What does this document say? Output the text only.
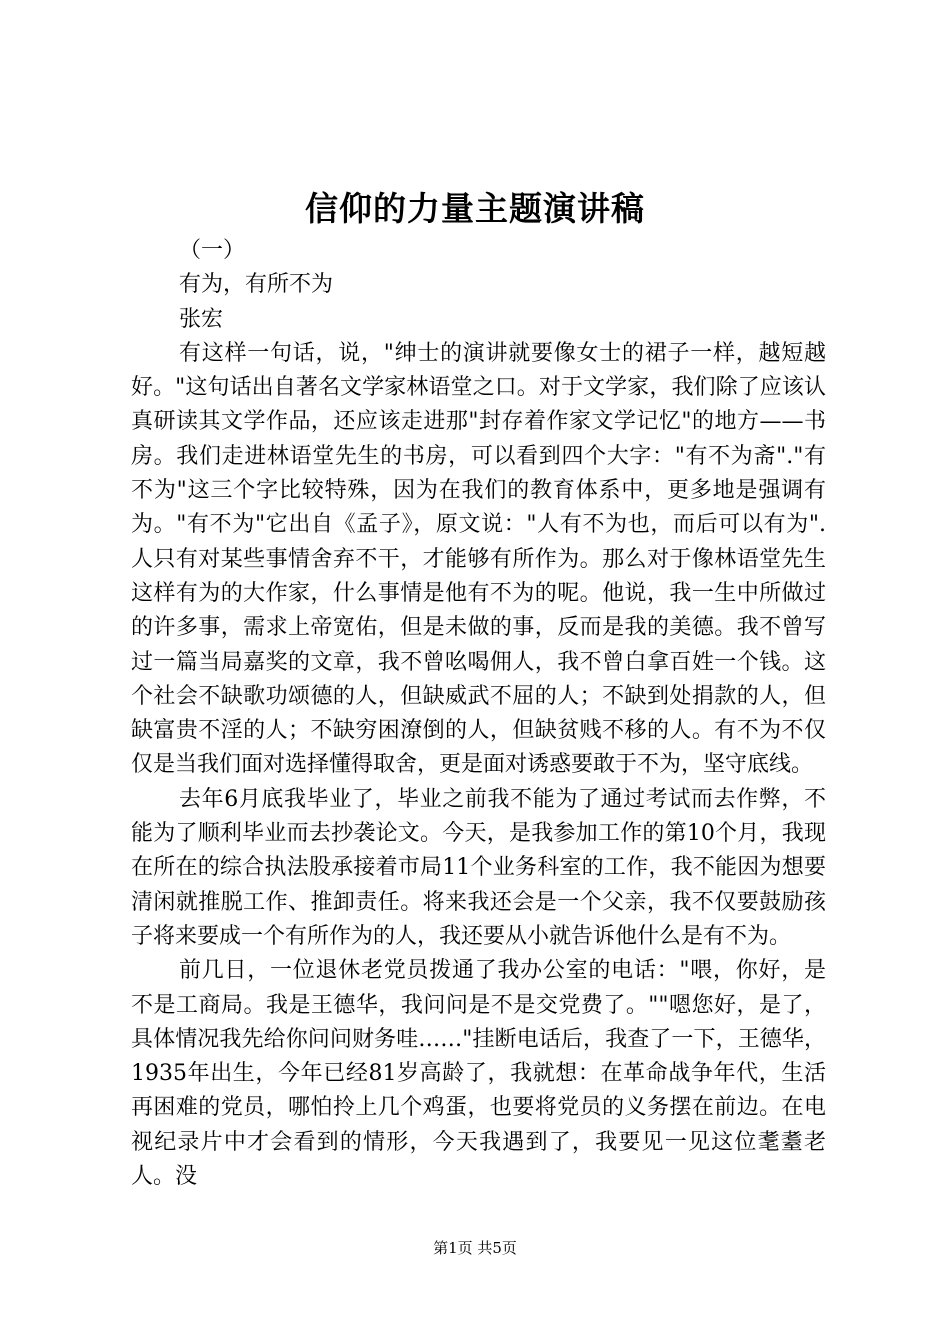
信仰的力量主题演讲稿

（一）

有为，有所不为

张宏

有这样一句话，说，"绅士的演讲就要像女士的裙子一样，越短越好。"这句话出自著名文学家林语堂之口。对于文学家，我们除了应该认真研读其文学作品，还应该走进那"封存着作家文学记忆"的地方——书房。我们走进林语堂先生的书房，可以看到四个大字："有不为斋"."有不为"这三个字比较特殊，因为在我们的教育体系中，更多地是强调有为。"有不为"它出自《孟子》，原文说："人有不为也，而后可以有为".人只有对某些事情舍弃不干，才能够有所作为。那么对于像林语堂先生这样有为的大作家，什么事情是他有不为的呢。他说，我一生中所做过的许多事，需求上帝宽佑，但是未做的事，反而是我的美德。我不曾写过一篇当局嘉奖的文章，我不曾吆喝佣人，我不曾白拿百姓一个钱。这个社会不缺歌功颂德的人，但缺威武不屈的人；不缺到处捐款的人，但缺富贵不淫的人；不缺穷困潦倒的人，但缺贫贱不移的人。有不为不仅仅是当我们面对选择懂得取舍，更是面对诱惑要敢于不为，坚守底线。

去年6月底我毕业了，毕业之前我不能为了通过考试而去作弊，不能为了顺利毕业而去抄袭论文。今天，是我参加工作的第10个月，我现在所在的综合执法股承接着市局11个业务科室的工作，我不能因为想要清闲就推脱工作、推卸责任。将来我还会是一个父亲，我不仅要鼓励孩子将来要成一个有所作为的人，我还要从小就告诉他什么是有不为。

前几日，一位退休老党员拨通了我办公室的电话："喂，你好，是不是工商局。我是王德华，我问问是不是交党费了。""嗯您好，是了，具体情况我先给你问问财务哇……"挂断电话后，我查了一下，王德华，1935年出生，今年已经81岁高龄了，我就想：在革命战争年代，生活再困难的党员，哪怕拎上几个鸡蛋，也要将党员的义务摆在前边。在电视纪录片中才会看到的情形，今天我遇到了，我要见一见这位耄耋老人。没

第1页 共5页
